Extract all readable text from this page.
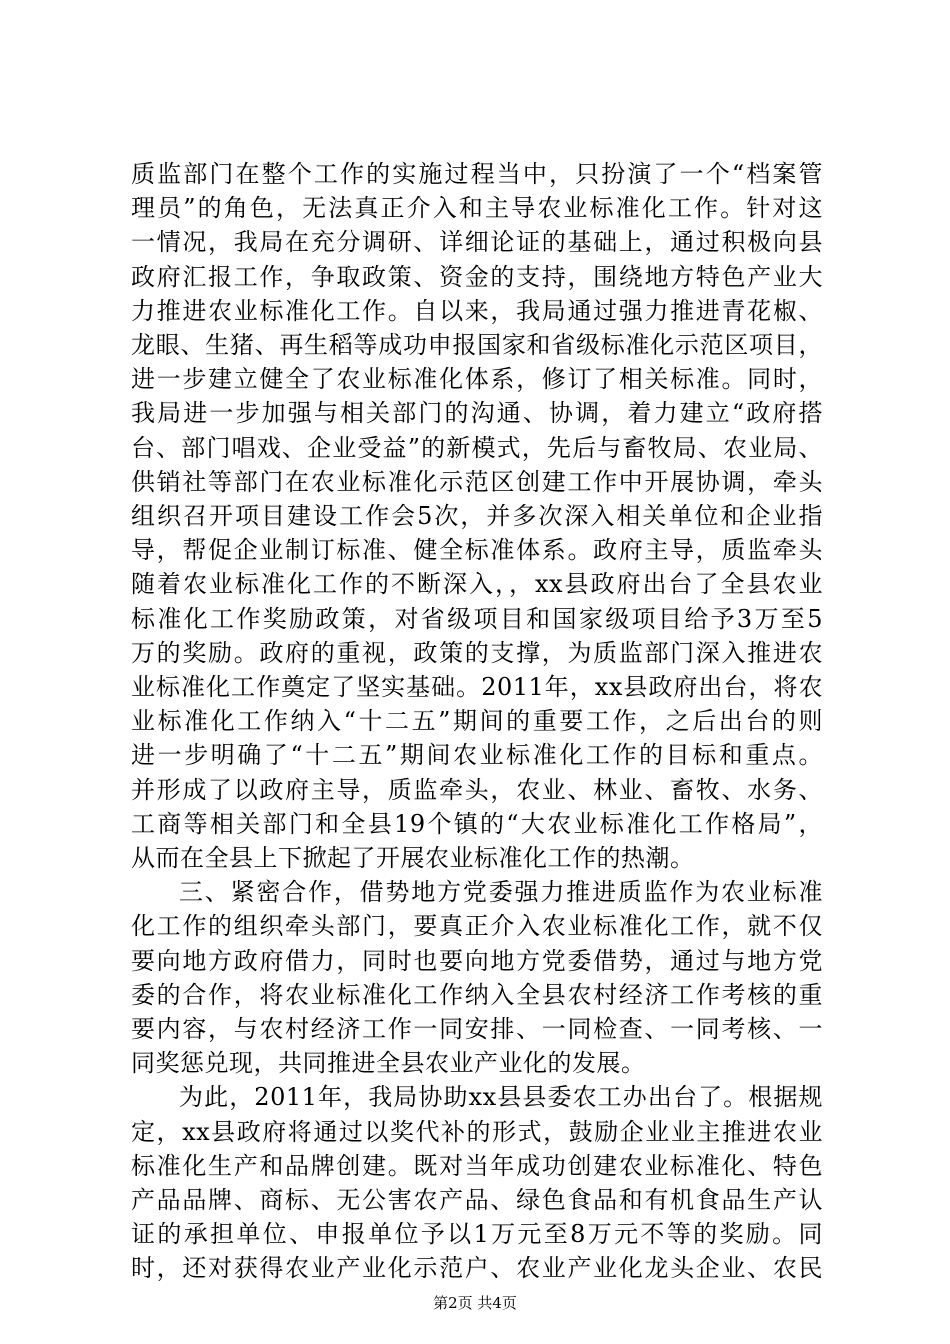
质监部门在整个工作的实施过程当中，只扮演了一个“档案管
理员”的角色，无法真正介入和主导农业标准化工作。针对这
一情况，我局在充分调研、详细论证的基础上，通过积极向县
政府汇报工作，争取政策、资金的支持，围绕地方特色产业大
力推进农业标准化工作。自以来，我局通过强力推进青花椒、
龙眼、生猪、再生稻等成功申报国家和省级标准化示范区项目，
进一步建立健全了农业标准化体系，修订了相关标准。同时，
我局进一步加强与相关部门的沟通、协调，着力建立“政府搭
台、部门唱戏、企业受益”的新模式，先后与畜牧局、农业局、
供销社等部门在农业标准化示范区创建工作中开展协调，牵头
组织召开项目建设工作会5次，并多次深入相关单位和企业指
导，帮促企业制订标准、健全标准体系。政府主导，质监牵头
随着农业标准化工作的不断深入，，xx县政府出台了全县农业
标准化工作奖励政策，对省级项目和国家级项目给予3万至5
万的奖励。政府的重视，政策的支撑，为质监部门深入推进农
业标准化工作奠定了坚实基础。2011年，xx县政府出台，将农
业标准化工作纳入“十二五”期间的重要工作，之后出台的则
进一步明确了“十二五”期间农业标准化工作的目标和重点。
并形成了以政府主导，质监牵头，农业、林业、畜牧、水务、
工商等相关部门和全县19个镇的“大农业标准化工作格局”，
从而在全县上下掀起了开展农业标准化工作的热潮。
三、紧密合作，借势地方党委强力推进质监作为农业标准
化工作的组织牵头部门，要真正介入农业标准化工作，就不仅
要向地方政府借力，同时也要向地方党委借势，通过与地方党
委的合作，将农业标准化工作纳入全县农村经济工作考核的重
要内容，与农村经济工作一同安排、一同检查、一同考核、一
同奖惩兑现，共同推进全县农业产业化的发展。
为此，2011年，我局协助xx县县委农工办出台了。根据规
定，xx县政府将通过以奖代补的形式，鼓励企业业主推进农业
标准化生产和品牌创建。既对当年成功创建农业标准化、特色
产品品牌、商标、无公害农产品、绿色食品和有机食品生产认
证的承担单位、申报单位予以1万元至8万元不等的奖励。同
时，还对获得农业产业化示范户、农业产业化龙头企业、农民
第2页 共4页
